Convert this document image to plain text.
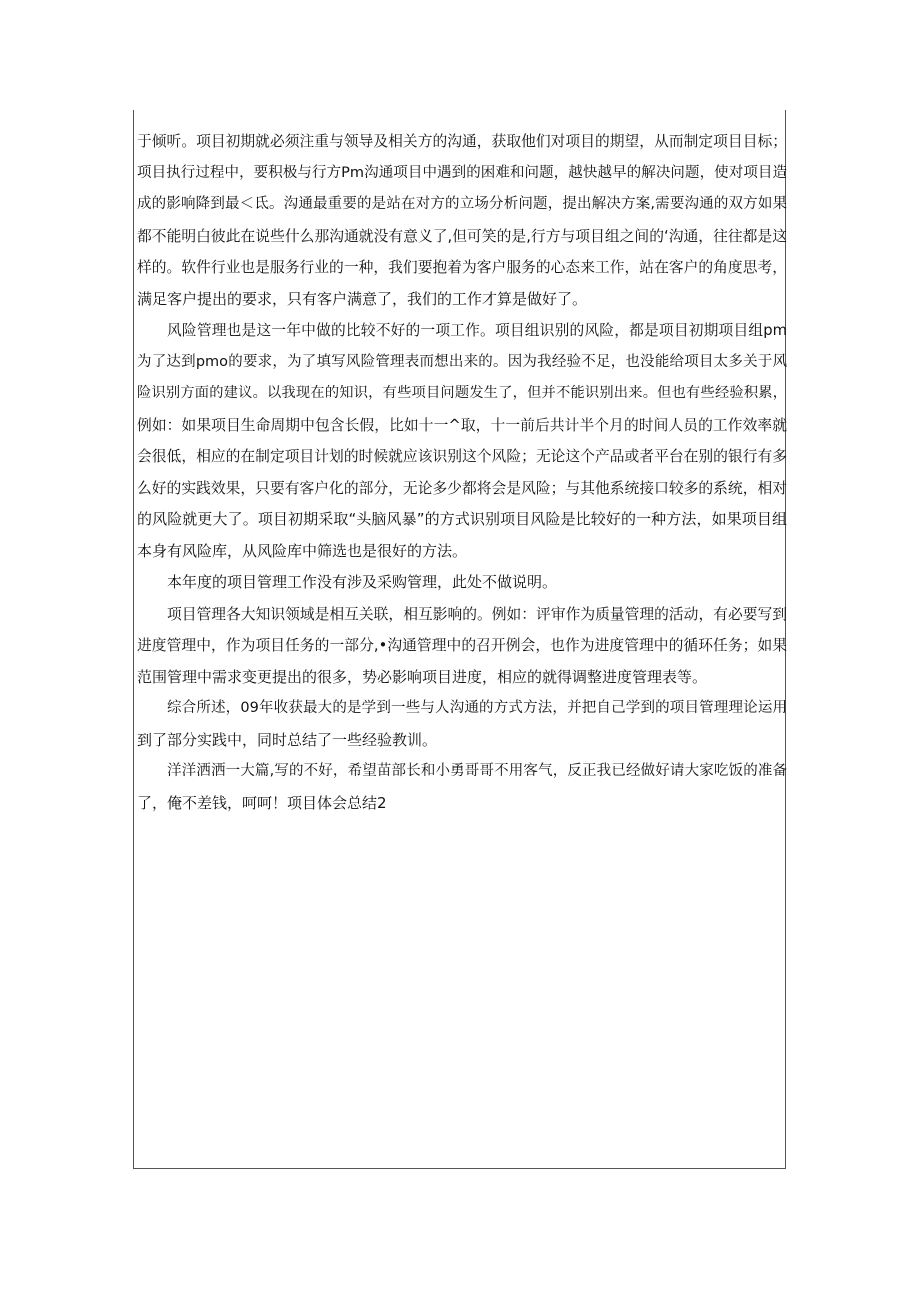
于倾听。项目初期就必须注重与领导及相关方的沟通，获取他们对项目的期望，从而制定项目目标；
项目执行过程中，要积极与行方Pm沟通项目中遇到的困难和问题，越快越早的解决问题，使对项目造
成的影响降到最＜氐。沟通最重要的是站在对方的立场分析问题，提出解决方案,需要沟通的双方如果
都不能明白彼此在说些什么那沟通就没有意义了,但可笑的是,行方与项目组之间的‘沟通，往往都是这
样的。软件行业也是服务行业的一种，我们要抱着为客户服务的心态来工作，站在客户的角度思考，
满足客户提出的要求，只有客户满意了，我们的工作才算是做好了。
风险管理也是这一年中做的比较不好的一项工作。项目组识别的风险，都是项目初期项目组pm
为了达到pmo的要求，为了填写风险管理表而想出来的。因为我经验不足，也没能给项目太多关于风
险识别方面的建议。以我现在的知识，有些项目问题发生了，但并不能识别出来。但也有些经验积累，
例如：如果项目生命周期中包含长假，比如十一^取，十一前后共计半个月的时间人员的工作效率就
会很低，相应的在制定项目计划的时候就应该识别这个风险；无论这个产品或者平台在别的银行有多
么好的实践效果，只要有客户化的部分，无论多少都将会是风险；与其他系统接口较多的系统，相对
的风险就更大了。项目初期采取“头脑风暴”的方式识别项目风险是比较好的一种方法，如果项目组
本身有风险库，从风险库中筛选也是很好的方法。
本年度的项目管理工作没有涉及采购管理，此处不做说明。
项目管理各大知识领域是相互关联，相互影响的。例如：评审作为质量管理的活动，有必要写到
进度管理中，作为项目任务的一部分,•沟通管理中的召开例会，也作为进度管理中的循环任务；如果
范围管理中需求变更提出的很多，势必影响项目进度，相应的就得调整进度管理表等。
综合所述，09年收获最大的是学到一些与人沟通的方式方法，并把自己学到的项目管理理论运用
到了部分实践中，同时总结了一些经验教训。
洋洋洒洒一大篇,写的不好，希望苗部长和小勇哥哥不用客气，反正我已经做好请大家吃饭的准备
了，俺不差钱，呵呵！项目体会总结2
